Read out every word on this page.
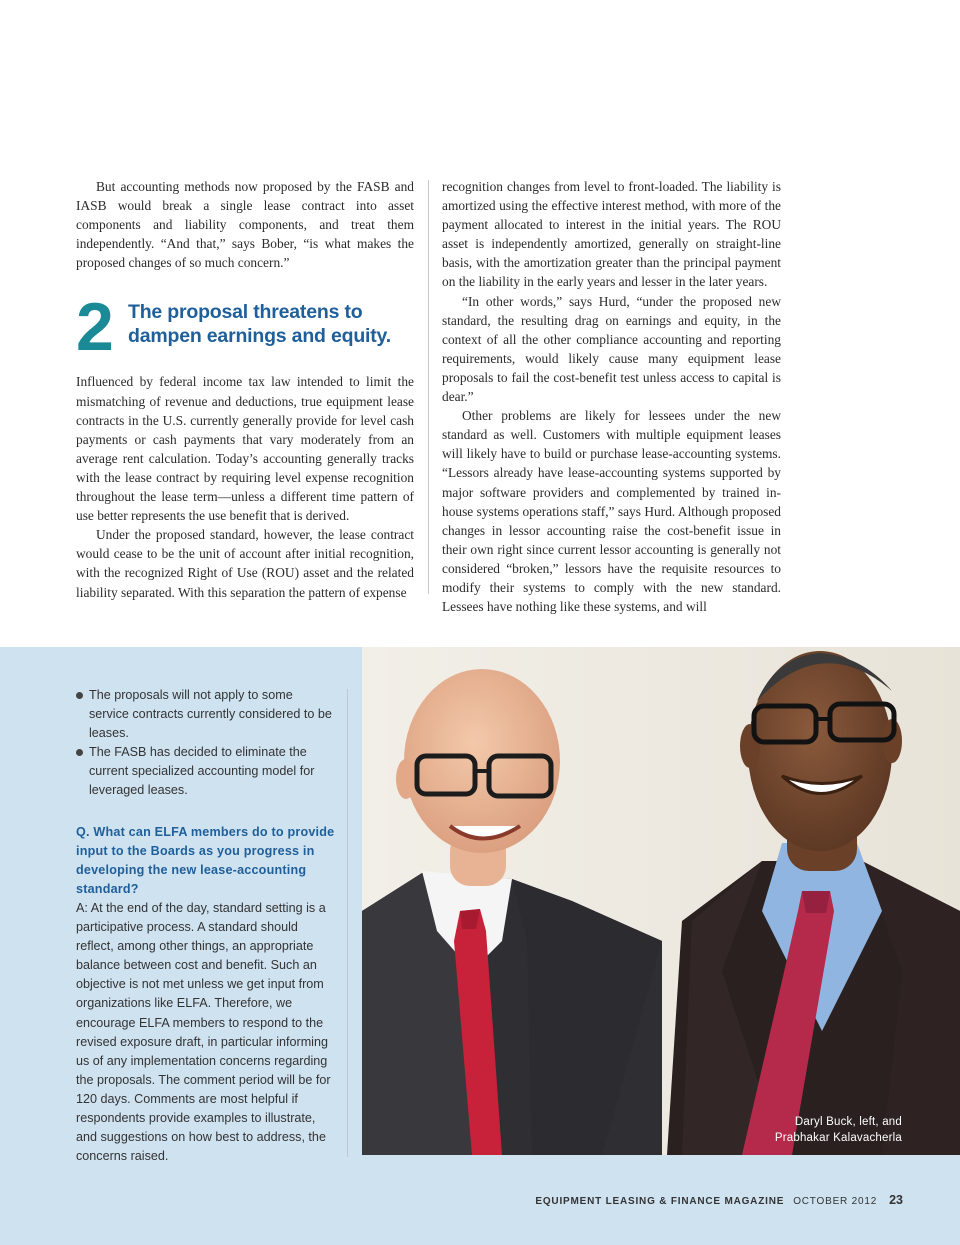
But accounting methods now proposed by the FASB and IASB would break a single lease contract into asset components and liability components, and treat them independently. “And that,” says Bober, “is what makes the proposed changes of so much concern.”

2 The proposal threatens to
dampen earnings and equity.

Influenced by federal income tax law intended to limit the mismatching of revenue and deductions, true equipment lease contracts in the U.S. currently generally provide for level cash payments or cash payments that vary moderately from an average rent calculation. Today’s accounting generally tracks with the lease contract by requiring level expense recognition throughout the lease term—unless a different time pattern of use better represents the use benefit that is derived.

Under the proposed standard, however, the lease contract would cease to be the unit of account after initial recognition, with the recognized Right of Use (ROU) asset and the related liability separated. With this separation the pattern of expense

recognition changes from level to front-loaded. The liability is amortized using the effective interest method, with more of the payment allocated to interest in the initial years. The ROU asset is independently amortized, generally on straight-line basis, with the amortization greater than the principal payment on the liability in the early years and lesser in the later years.

“In other words,” says Hurd, “under the proposed new standard, the resulting drag on earnings and equity, in the context of all the other compliance accounting and reporting requirements, would likely cause many equipment lease proposals to fail the cost-benefit test unless access to capital is dear.”

Other problems are likely for lessees under the new standard as well. Customers with multiple equipment leases will likely have to build or purchase lease-accounting systems. “Lessors already have lease-accounting systems supported by major software providers and complemented by trained in-house systems operations staff,” says Hurd. Although proposed changes in lessor accounting raise the cost-benefit issue in their own right since current lessor accounting is generally not considered “broken,” lessors have the requisite resources to modify their systems to comply with the new standard. Lessees have nothing like these systems, and will

The proposals will not apply to some service contracts currently considered to be leases.
The FASB has decided to eliminate the current specialized accounting model for leveraged leases.
Q. What can ELFA members do to provide input to the Boards as you progress in developing the new lease-accounting standard?
A: At the end of the day, standard setting is a participative process. A standard should reflect, among other things, an appropriate balance between cost and benefit. Such an objective is not met unless we get input from organizations like ELFA. Therefore, we encourage ELFA members to respond to the revised exposure draft, in particular informing us of any implementation concerns regarding the proposals. The comment period will be for 120 days. Comments are most helpful if respondents provide examples to illustrate, and suggestions on how best to address, the concerns raised.
Daryl Buck, left, and
Prabhakar Kalavacherla
EQUIPMENT LEASING & FINANCE MAGAZINE OCTOBER 2012 23
